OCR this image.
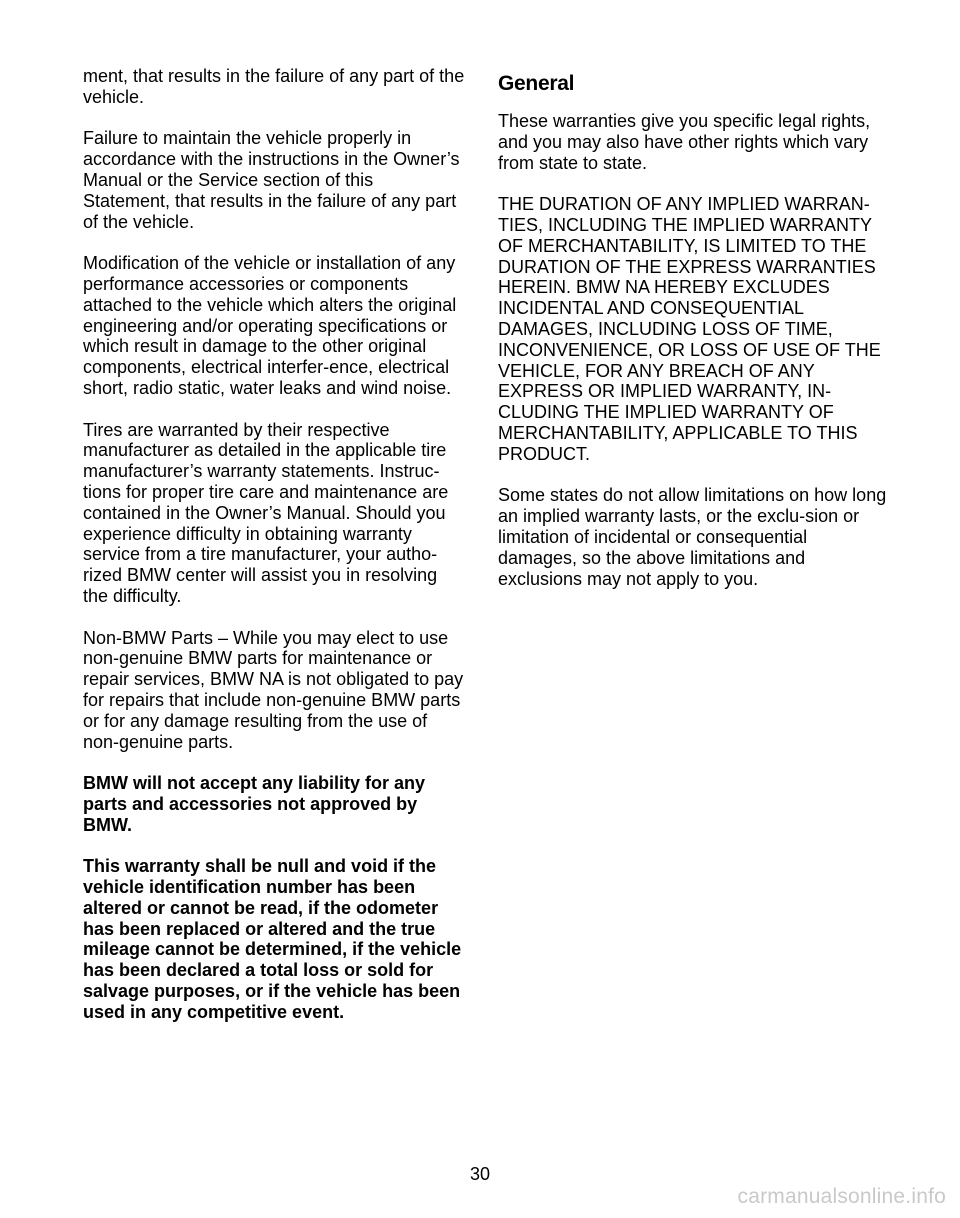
ment, that results in the failure of any part of the vehicle.

Failure to maintain the vehicle properly in accordance with the instructions in the Owner’s Manual or the Service section of this Statement, that results in the failure of any part of the vehicle.

Modification of the vehicle or installation of any performance accessories or components attached to the vehicle which alters the original engineering and/or operating specifications or which result in damage to the other original components, electrical interfer-ence, electrical short, radio static, water leaks and wind noise.

Tires are warranted by their respective manufacturer as detailed in the applicable tire manufacturer’s warranty statements. Instruc-tions for proper tire care and maintenance are contained in the Owner’s Manual. Should you experience difficulty in obtaining warranty service from a tire manufacturer, your autho-rized BMW center will assist you in resolving the difficulty.

Non-BMW Parts – While you may elect to use non-genuine BMW parts for maintenance or repair services, BMW NA is not obligated to pay for repairs that include non-genuine BMW parts or for any damage resulting from the use of non-genuine parts.

BMW will not accept any liability for any parts and accessories not approved by BMW.

This warranty shall be null and void if the vehicle identification number has been altered or cannot be read, if the odometer has been replaced or altered and the true mileage cannot be determined, if the vehicle has been declared a total loss or sold for salvage purposes, or if the vehicle has been used in any competitive event.

General

These warranties give you specific legal rights, and you may also have other rights which vary from state to state.

THE DURATION OF ANY IMPLIED WARRAN-TIES, INCLUDING THE IMPLIED WARRANTY OF MERCHANTABILITY, IS LIMITED TO THE DURATION OF THE EXPRESS WARRANTIES HEREIN. BMW NA HEREBY EXCLUDES INCIDENTAL AND CONSEQUENTIAL DAMAGES, INCLUDING LOSS OF TIME, INCONVENIENCE, OR LOSS OF USE OF THE VEHICLE, FOR ANY BREACH OF ANY EXPRESS OR IMPLIED WARRANTY, IN-CLUDING THE IMPLIED WARRANTY OF MERCHANTABILITY, APPLICABLE TO THIS PRODUCT.

Some states do not allow limitations on how long an implied warranty lasts, or the exclu-sion or limitation of incidental or consequential damages, so the above limitations and exclusions may not apply to you.

30
carmanualsonline.info
